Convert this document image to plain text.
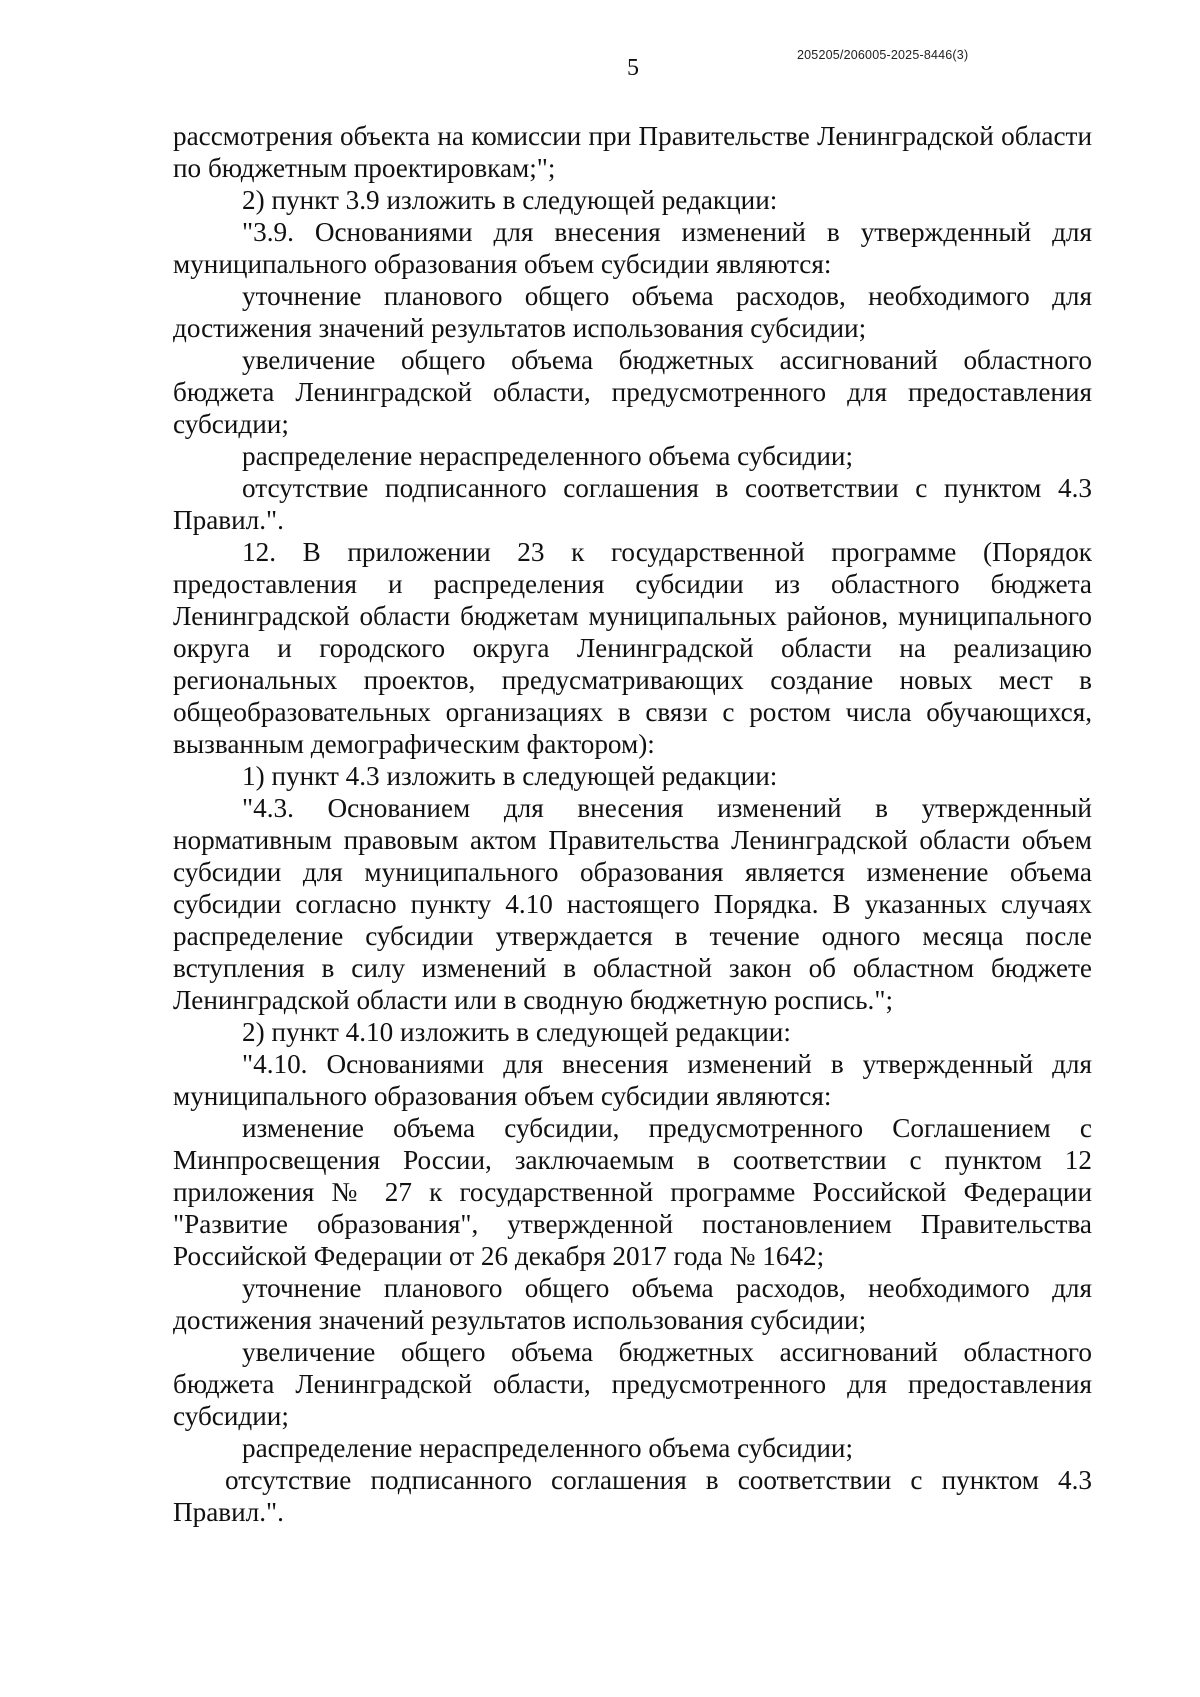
205205/206005-2025-8446(3)
5

рассмотрения объекта на комиссии при Правительстве Ленинградской области по бюджетным проектировкам;";

2) пункт 3.9 изложить в следующей редакции:

"3.9. Основаниями для внесения изменений в утвержденный для муниципального образования объем субсидии являются:

уточнение планового общего объема расходов, необходимого для достижения значений результатов использования субсидии;

увеличение общего объема бюджетных ассигнований областного бюджета Ленинградской области, предусмотренного для предоставления субсидии;

распределение нераспределенного объема субсидии;

отсутствие подписанного соглашения в соответствии с пунктом 4.3 Правил.".

12. В приложении 23 к государственной программе (Порядок предоставления и распределения субсидии из областного бюджета Ленинградской области бюджетам муниципальных районов, муниципального округа и городского округа Ленинградской области на реализацию региональных проектов, предусматривающих создание новых мест в общеобразовательных организациях в связи с ростом числа обучающихся, вызванным демографическим фактором):

1) пункт 4.3 изложить в следующей редакции:

"4.3. Основанием для внесения изменений в утвержденный нормативным правовым актом Правительства Ленинградской области объем субсидии для муниципального образования является изменение объема субсидии согласно пункту 4.10 настоящего Порядка. В указанных случаях распределение субсидии утверждается в течение одного месяца после вступления в силу изменений в областной закон об областном бюджете Ленинградской области или в сводную бюджетную роспись.";

2) пункт 4.10 изложить в следующей редакции:

"4.10. Основаниями для внесения изменений в утвержденный для муниципального образования объем субсидии являются:

изменение объема субсидии, предусмотренного Соглашением с Минпросвещения России, заключаемым в соответствии с пунктом 12 приложения № 27 к государственной программе Российской Федерации "Развитие образования", утвержденной постановлением Правительства Российской Федерации от 26 декабря 2017 года № 1642;

уточнение планового общего объема расходов, необходимого для достижения значений результатов использования субсидии;

увеличение общего объема бюджетных ассигнований областного бюджета Ленинградской области, предусмотренного для предоставления субсидии;

распределение нераспределенного объема субсидии;

отсутствие подписанного соглашения в соответствии с пунктом 4.3 Правил.".
